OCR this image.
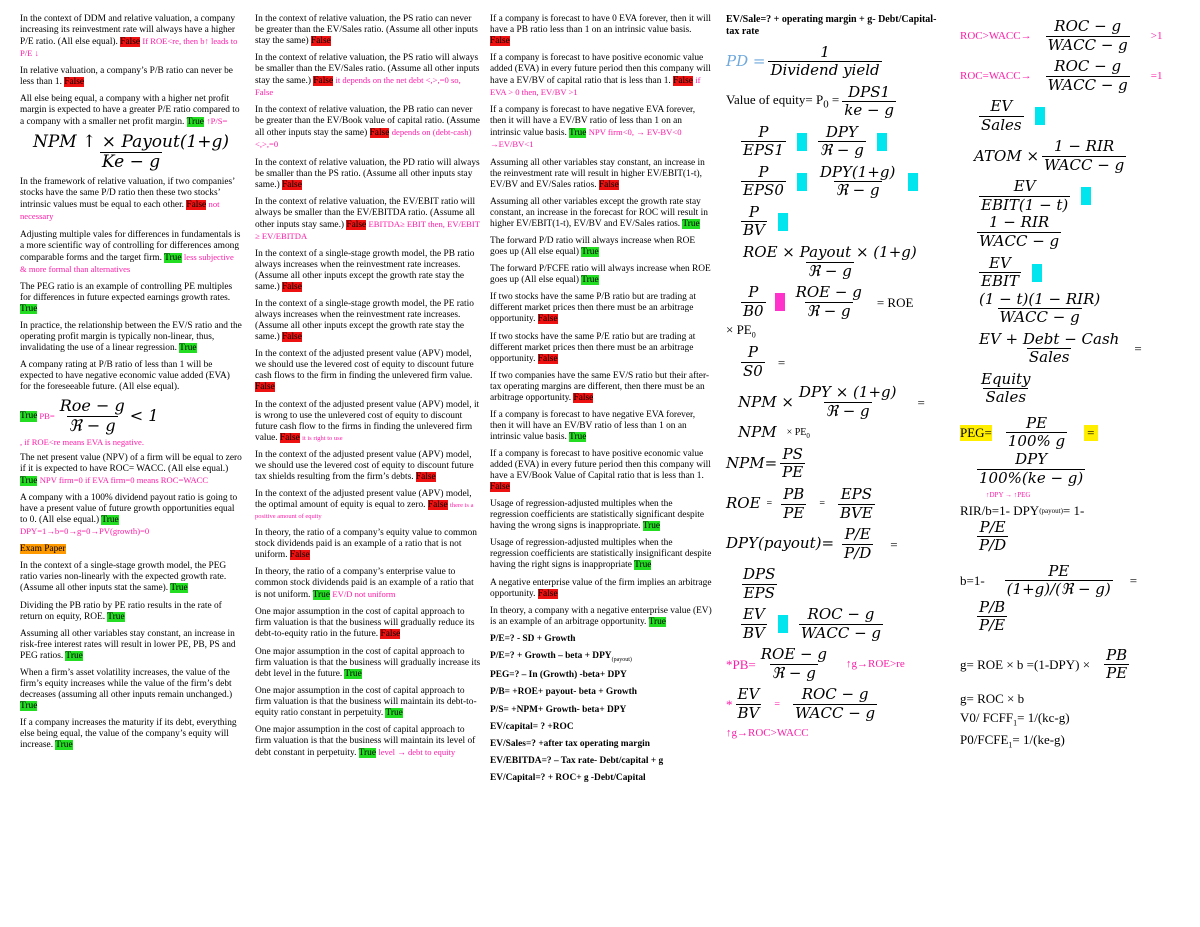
In the context of DDM and relative valuation, a company increasing its reinvestment rate will always have a higher P/E ratio. (All else equal). False If ROE<re, then b↑ leads to P/E ↓

In relative valuation, a company’s P/B ratio can never be less than 1. False

All else being equal, a company with a higher net profit margin is expected to have a greater P/E ratio compared to a company with a smaller net profit margin. True ↑P/S=

$\frac{\text{NPM ↑ × Payout(1+g)}}{Ke - g}$

In the framework of relative valuation, if two companies’ stocks have the same P/D ratio then these two stocks’ intrinsic values must be equal to each other. False not necessary

Adjusting multiple vales for differences in fundamentals is a more scientific way of controlling for differences among comparable forms and the target firm. True less subjective & more formal than alternatives

The PEG ratio is an example of controlling PE multiples for differences in future expected earnings growth rates. True

In practice, the relationship between the EV/S ratio and the operating profit margin is typically non-linear, thus, invalidating the use of a linear regression. True

A company rating at P/B ratio of less than 1 will be expected to have negative economic value added (EVA) for the foreseeable future. (All else equal).

True $PB= \frac{\text{Roe − g}}{\text{ℜ − g}} < 1$

, if ROE<re means EVA is negative.

The net present value (NPV) of a firm will be equal to zero if it is expected to have ROC= WACC. (All else equal.) True NPV firm=0 if EVA firm=0 means ROC=WACC

A company with a 100% dividend payout ratio is going to have a present value of future growth opportunities equal to 0. (All else equal.) True DPY=1→b=0→g=0→PV(growth)=0

Exam Paper

In the context of a single-stage growth model, the PEG ratio varies non-linearly with the expected growth rate. (Assume all other inputs stat the same). True

Dividing the PB ratio by PE ratio results in the rate of return on equity, ROE. True

Assuming all other variables stay constant, an increase in risk-free interest rates will result in lower PE, PB, PS and PEG ratios. True

When a firm’s asset volatility increases, the value of the firm’s equity increases while the value of the firm’s debt decreases (assuming all other inputs remain unchanged.) True

If a company increases the maturity if its debt, everything else being equal, the value of the company’s equity will increase. True

In the context of relative valuation, the PS ratio can never be greater than the EV/Sales ratio. (Assume all other inputs stay the same) False

In the context of relative valuation, the PS ratio will always be smaller than the EV/Sales ratio. (Assume all other inputs stay the same.) False it depends on the net debt <,>,=0 so, False

In the context of relative valuation, the PB ratio can never be greater than the EV/Book value of capital ratio. (Assume all other inputs stay the same) False depends on (debt-cash) <,>,=0

In the context of relative valuation, the PD ratio will always be smaller than the PS ratio. (Assume all other inputs stay same.) False

In the context of relative valuation, the EV/EBIT ratio will always be smaller than the EV/EBITDA ratio. (Assume all other inputs stay same.) False EBITDA≥ EBIT then, EV/EBIT ≥ EV/EBITDA

In the context of a single-stage growth model, the PB ratio always increases when the reinvestment rate increases. (Assume all other inputs except the growth rate stay the same.) False

In the context of a single-stage growth model, the PE ratio always increases when the reinvestment rate increases. (Assume all other inputs except the growth rate stay the same.) False

In the context of the adjusted present value (APV) model, we should use the levered cost of equity to discount future cash flows to the firm in finding the unlevered firm value. False

In the context of the adjusted present value (APV) model, it is wrong to use the unlevered cost of equity to discount future cash flow to the firms in finding the unlevered firm value. False it is right to use

In the context of the adjusted present value (APV) model, we should use the levered cost of equity to discount future tax shields resulting from the firm’s debts. False

In the context of the adjusted present value (APV) model, the optimal amount of equity is equal to zero. False there is a positive amount of equity

In theory, the ratio of a company’s equity value to common stock dividends paid is an example of a ratio that is not uniform. False

In theory, the ratio of a company’s enterprise value to common stock dividends paid is an example of a ratio that is not uniform. True EV/D not uniform

One major assumption in the cost of capital approach to firm valuation is that the business will gradually reduce its debt-to-equity ratio in the future. False

One major assumption in the cost of capital approach to firm valuation is that the business will gradually increase its debt level in the future. True

One major assumption in the cost of capital approach to firm valuation is that the business will maintain its debt-to-equity ratio constant in perpetuity. True

One major assumption in the cost of capital approach to firm valuation is that the business will maintain its level of debt constant in perpetuity. True level → debt to equity

If a company is forecast to have 0 EVA forever, then it will have a PB ratio less than 1 on an intrinsic value basis. False

If a company is forecast to have positive economic value added (EVA) in every future period then this company will have a EV/BV of capital ratio that is less than 1. False if EVA > 0 then, EV/BV >1

If a company is forecast to have negative EVA forever, then it will have a EV/BV ratio of less than 1 on an intrinsic value basis. True NPV firm<0, → EV-BV<0 →EV/BV<1

Assuming all other variables stay constant, an increase in the reinvestment rate will result in higher EV/EBIT(1-t), EV/BV and EV/Sales ratios. False

Assuming all other variables except the growth rate stay constant, an increase in the forecast for ROC will result in higher EV/EBIT(1-t), EV/BV and EV/Sales ratios. True

The forward P/D ratio will always increase when ROE goes up (All else equal) True

The forward P/FCFE ratio will always increase when ROE goes up (All else equal) True

If two stocks have the same P/B ratio but are trading at different market prices then there must be an arbitrage opportunity. False

If two stocks have the same P/E ratio but are trading at different market prices then there must be an arbitrage opportunity. False

If two companies have the same EV/S ratio but their after-tax operating margins are different, then there must be an arbitrage opportunity. False

If a company is forecast to have negative EVA forever, then it will have an EV/BV ratio of less than 1 on an intrinsic value basis. True

If a company is forecast to have positive economic value added (EVA) in every future period then this company will have a EV/Book Value of Capital ratio that is less than 1. False

Usage of regression-adjusted multiples when the regression coefficients are statistically significant despite having the wrong signs is inappropriate. True

Usage of regression-adjusted multiples when the regression coefficients are statistically insignificant despite having the right signs is inappropriate True

A negative enterprise value of the firm implies an arbitrage opportunity. False

In theory, a company with a negative enterprise value (EV) is an example of an arbitrage opportunity. True

P/E=? - SD + Growth

P/E=? + Growth – beta + $DPY_{(payout)}$

PEG=? – In (Growth) -beta+ DPY

P/B= +ROE+ payout- beta + Growth

P/S= +NPM+ Growth- beta+ DPY

EV/capital= ? +ROC

EV/Sales=? +after tax operating margin

EV/EBITDA=? – Tax rate- Debt/capital + g

EV/Capital=? + ROC+ g -Debt/Capital

EV/Sale=? + operating margin + g- Debt/Capital- tax rate

PD = $\frac{1}{\text{Dividend yield}}$
Value of equity= $P_0 = \frac{\text{DPS1}}{ke - g}$
$\frac{P}{\text{EPS1}} \frac{\text{DPY}}{\text{ℜ − g}}$
$\frac{P}{\text{EPS0}} \frac{\text{DPY(1+g)}}{\text{ℜ − g}}$
$\frac{P}{BV}$
$\frac{\text{ROE × Payout × (1+g)}}{\text{ℜ − g}}$
$\frac{P}{B0} \frac{\text{ROE − g}}{\text{ℜ − g}}$ = ROE
× $PE_0$
$\frac{P}{S0}$ =
NPM × $\frac{\text{DPY × (1+g)}}{\text{ℜ − g}}$ =
NPM × $PE_0$
$NPM= \frac{PS}{PE}$
ROE = $\frac{PB}{PE} = \frac{\text{EPS}}{\text{BVE}}$
DPY(payout)= $\frac{P/E}{P/D}$ =
$\frac{\text{DPS}}{\text{EPS}}$
$\frac{EV}{BV} \frac{\text{ROC − g}}{\text{WACC − g}}$
$*PB= \frac{\text{ROE − g}}{\text{ℜ − g}}$ ↑g→ROE>re
* $\frac{EV}{BV} = \frac{\text{ROC − g}}{\text{WACC − g}}$
↑g→ROC>WACC
ROC>WACC→ $\frac{\text{ROC − g}}{\text{WACC − g}} >1$
ROC=WACC→ $\frac{\text{ROC − g}}{\text{WACC − g}} =1$
$\frac{EV}{\text{Sales}}$
ATOM × $\frac{\text{1 − RIR}}{\text{WACC − g}}$
$\frac{EV}{\text{EBIT(1 − t)}}$
$\frac{\text{1 − RIR}}{\text{WACC − g}}$
$\frac{EV}{\text{EBIT}}$
$\frac{\text{(1 − t)(1 − RIR)}}{\text{WACC − g}}$
$\frac{\text{EV + Debt − Cash}}{\text{Sales}}$ =
$\frac{\text{Equity}}{\text{Sales}}$
$PEG= \frac{PE}{100\% g}$ =
$\frac{\text{DPY}}{100\%(ke - g)}$
↑DPY → ↑PEG
RIR/b=1- DPY (payout) = 1-
$\frac{P/E}{P/D}$
$b=1- \frac{PE}{\text{(1+g)/(ℜ − g)}}$ =
$\frac{P/B}{P/E}$
g= ROE × $b =(1-DPY) \times \frac{PB}{PE}$
g= ROC × b
V0/ $FCFF_1= 1/(kc-g)$
$P0/FCFE_1= 1/(ke-g)$
